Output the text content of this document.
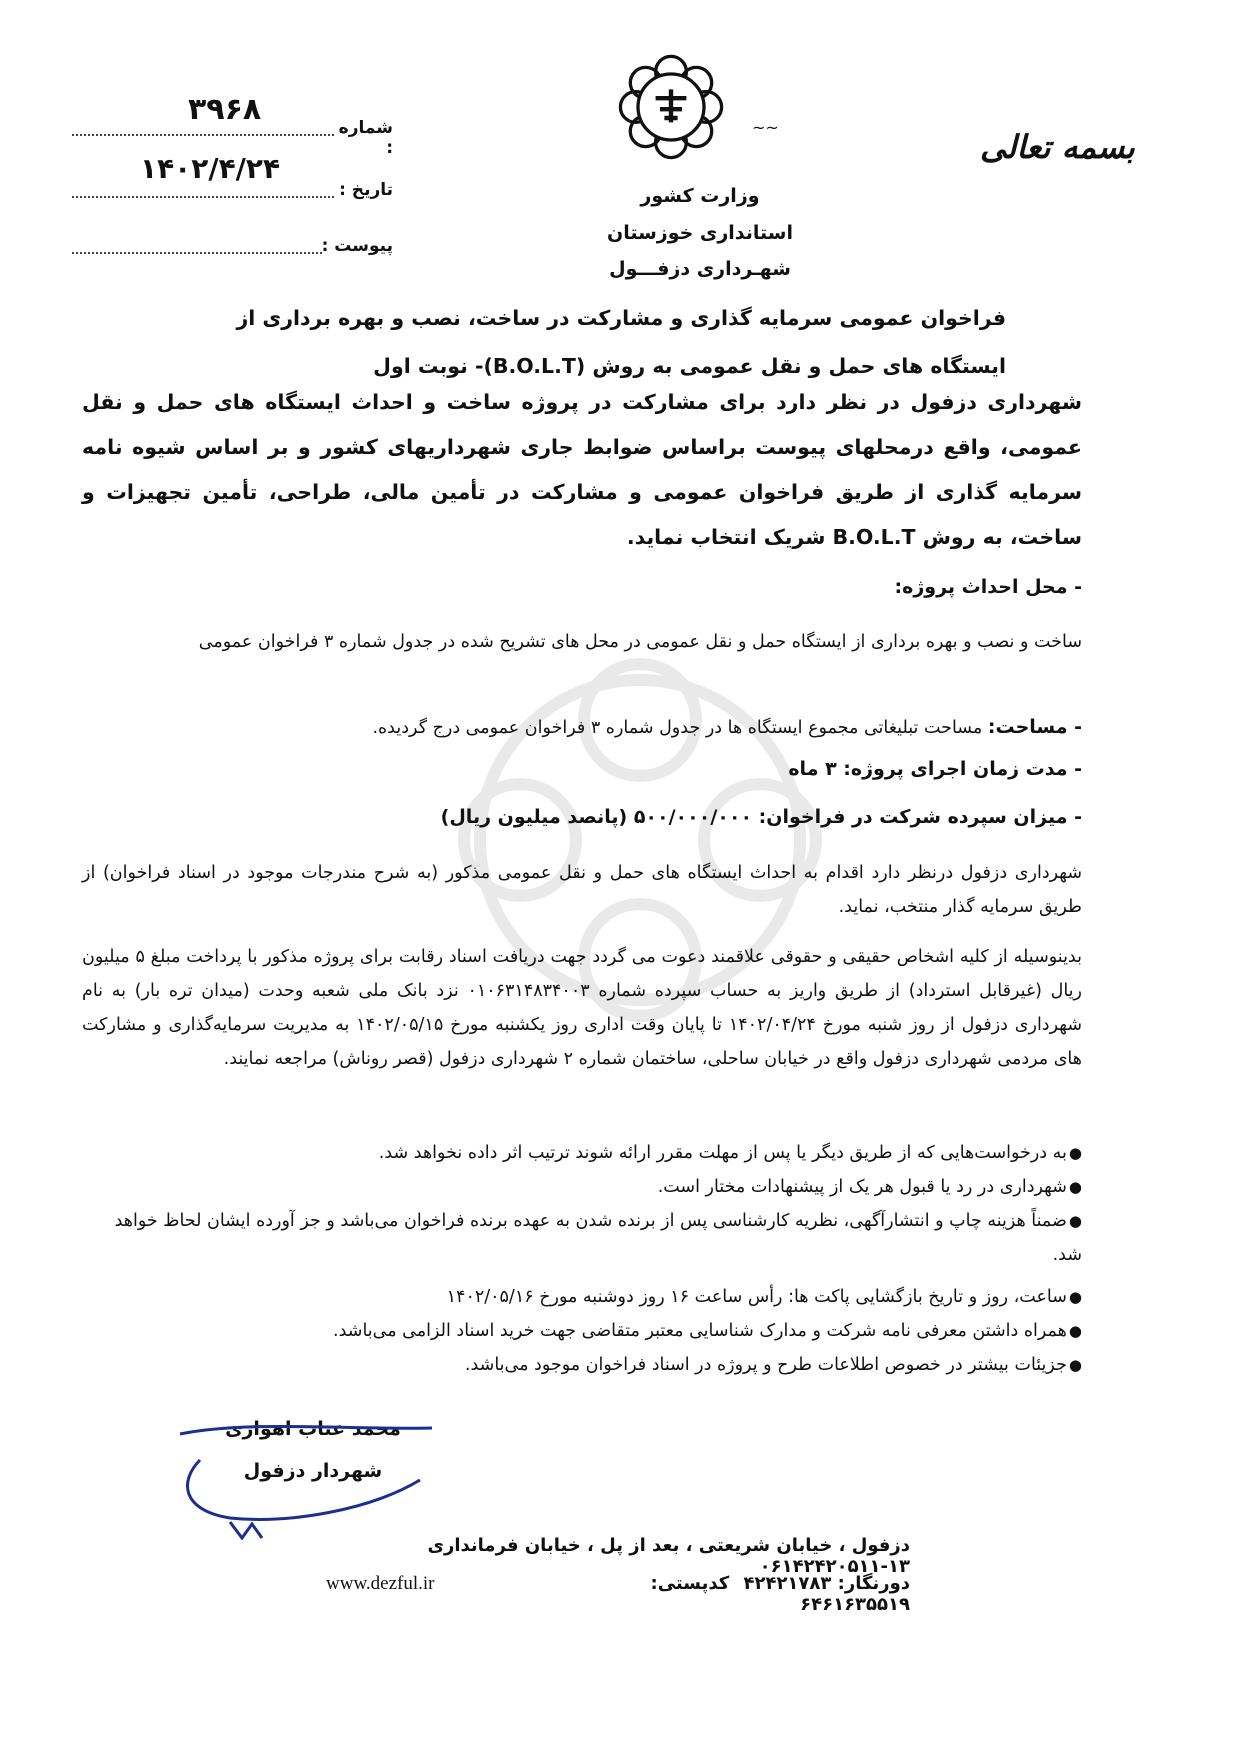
~~
بسمه تعالی
وزارت کشور
استانداری خوزستان
شهـرداری دزفـــول
شماره :
۳۹۶۸
تاریخ :
۱۴۰۲/۴/۲۴
پیوست :
فراخوان عمومی سرمایه گذاری و مشارکت در ساخت، نصب و بهره برداری از
ایستگاه های حمل و نقل عمومی به روش (B.O.L.T)- نوبت اول
شهرداری دزفول در نظر دارد برای مشارکت در پروژه ساخت و احداث ایستگاه های حمل و نقل عمومی، واقع درمحلهای پیوست براساس ضوابط جاری شهرداریهای کشور و بر اساس شیوه نامه سرمایه گذاری از طریق فراخوان عمومی و مشارکت در تأمین مالی، طراحی، تأمین تجهیزات و ساخت، به روش B.O.L.T شریک انتخاب نماید.
- محل احداث پروژه:
ساخت و نصب و بهره برداری از ایستگاه حمل و نقل عمومی در محل های تشریح شده در جدول شماره ۳ فراخوان عمومی
- مساحت: مساحت تبلیغاتی مجموع ایستگاه ها در جدول شماره ۳ فراخوان عمومی درج گردیده.
- مدت زمان اجرای پروژه: ۳ ماه
- میزان سپرده شرکت در فراخوان: ۵۰۰/۰۰۰/۰۰۰ (پانصد میلیون ریال)
شهرداری دزفول درنظر دارد اقدام به احداث ایستگاه های حمل و نقل عمومی مذکور (به شرح مندرجات موجود در اسناد فراخوان) از طریق سرمایه گذار منتخب، نماید.
بدینوسیله از کلیه اشخاص حقیقی و حقوقی علاقمند دعوت می گردد جهت دریافت اسناد رقابت برای پروژه مذکور با پرداخت مبلغ ۵ میلیون ریال (غیرقابل استرداد) از طریق واریز به حساب سپرده شماره ۰۱۰۶۳۱۴۸۳۴۰۰۳ نزد بانک ملی شعبه وحدت (میدان تره بار) به نام شهرداری دزفول از روز شنبه مورخ ۱۴۰۲/۰۴/۲۴ تا پایان وقت اداری روز یکشنبه مورخ ۱۴۰۲/۰۵/۱۵ به مدیریت سرمایه‌گذاری و مشارکت های مردمی شهرداری دزفول واقع در خیابان ساحلی، ساختمان شماره ۲ شهرداری دزفول (قصر روناش) مراجعه نمایند.
●به درخواست‌هایی که از طریق دیگر یا پس از مهلت مقرر ارائه شوند ترتیب اثر داده نخواهد شد.
●شهرداری در رد یا قبول هر یک از پیشنهادات مختار است.
●ضمناً هزینه چاپ و انتشارآگهی، نظریه کارشناسی پس از برنده شدن به عهده برنده فراخوان می‌باشد و جز آورده ایشان لحاظ خواهد شد.
●ساعت، روز و تاریخ بازگشایی پاکت ها: رأس ساعت ۱۶ روز دوشنبه مورخ ۱۴۰۲/۰۵/۱۶
●همراه داشتن معرفی نامه شرکت و مدارک شناسایی معتبر متقاضی جهت خرید اسناد الزامی می‌باشد.
●جزیئات بیشتر در خصوص اطلاعات طرح و پروژه در اسناد فراخوان موجود می‌باشد.
محمد عتاب اهوازی
شهردار دزفول
دزفول ، خیابان شریعتی ، بعد از پل ، خیابان فرمانداری ۱۳-۰۶۱۴۲۴۲۰۵۱۱
دورنگار: ۴۲۴۲۱۷۸۳ کدپستی: ۶۴۶۱۶۳۵۵۱۹
www.dezful.ir
